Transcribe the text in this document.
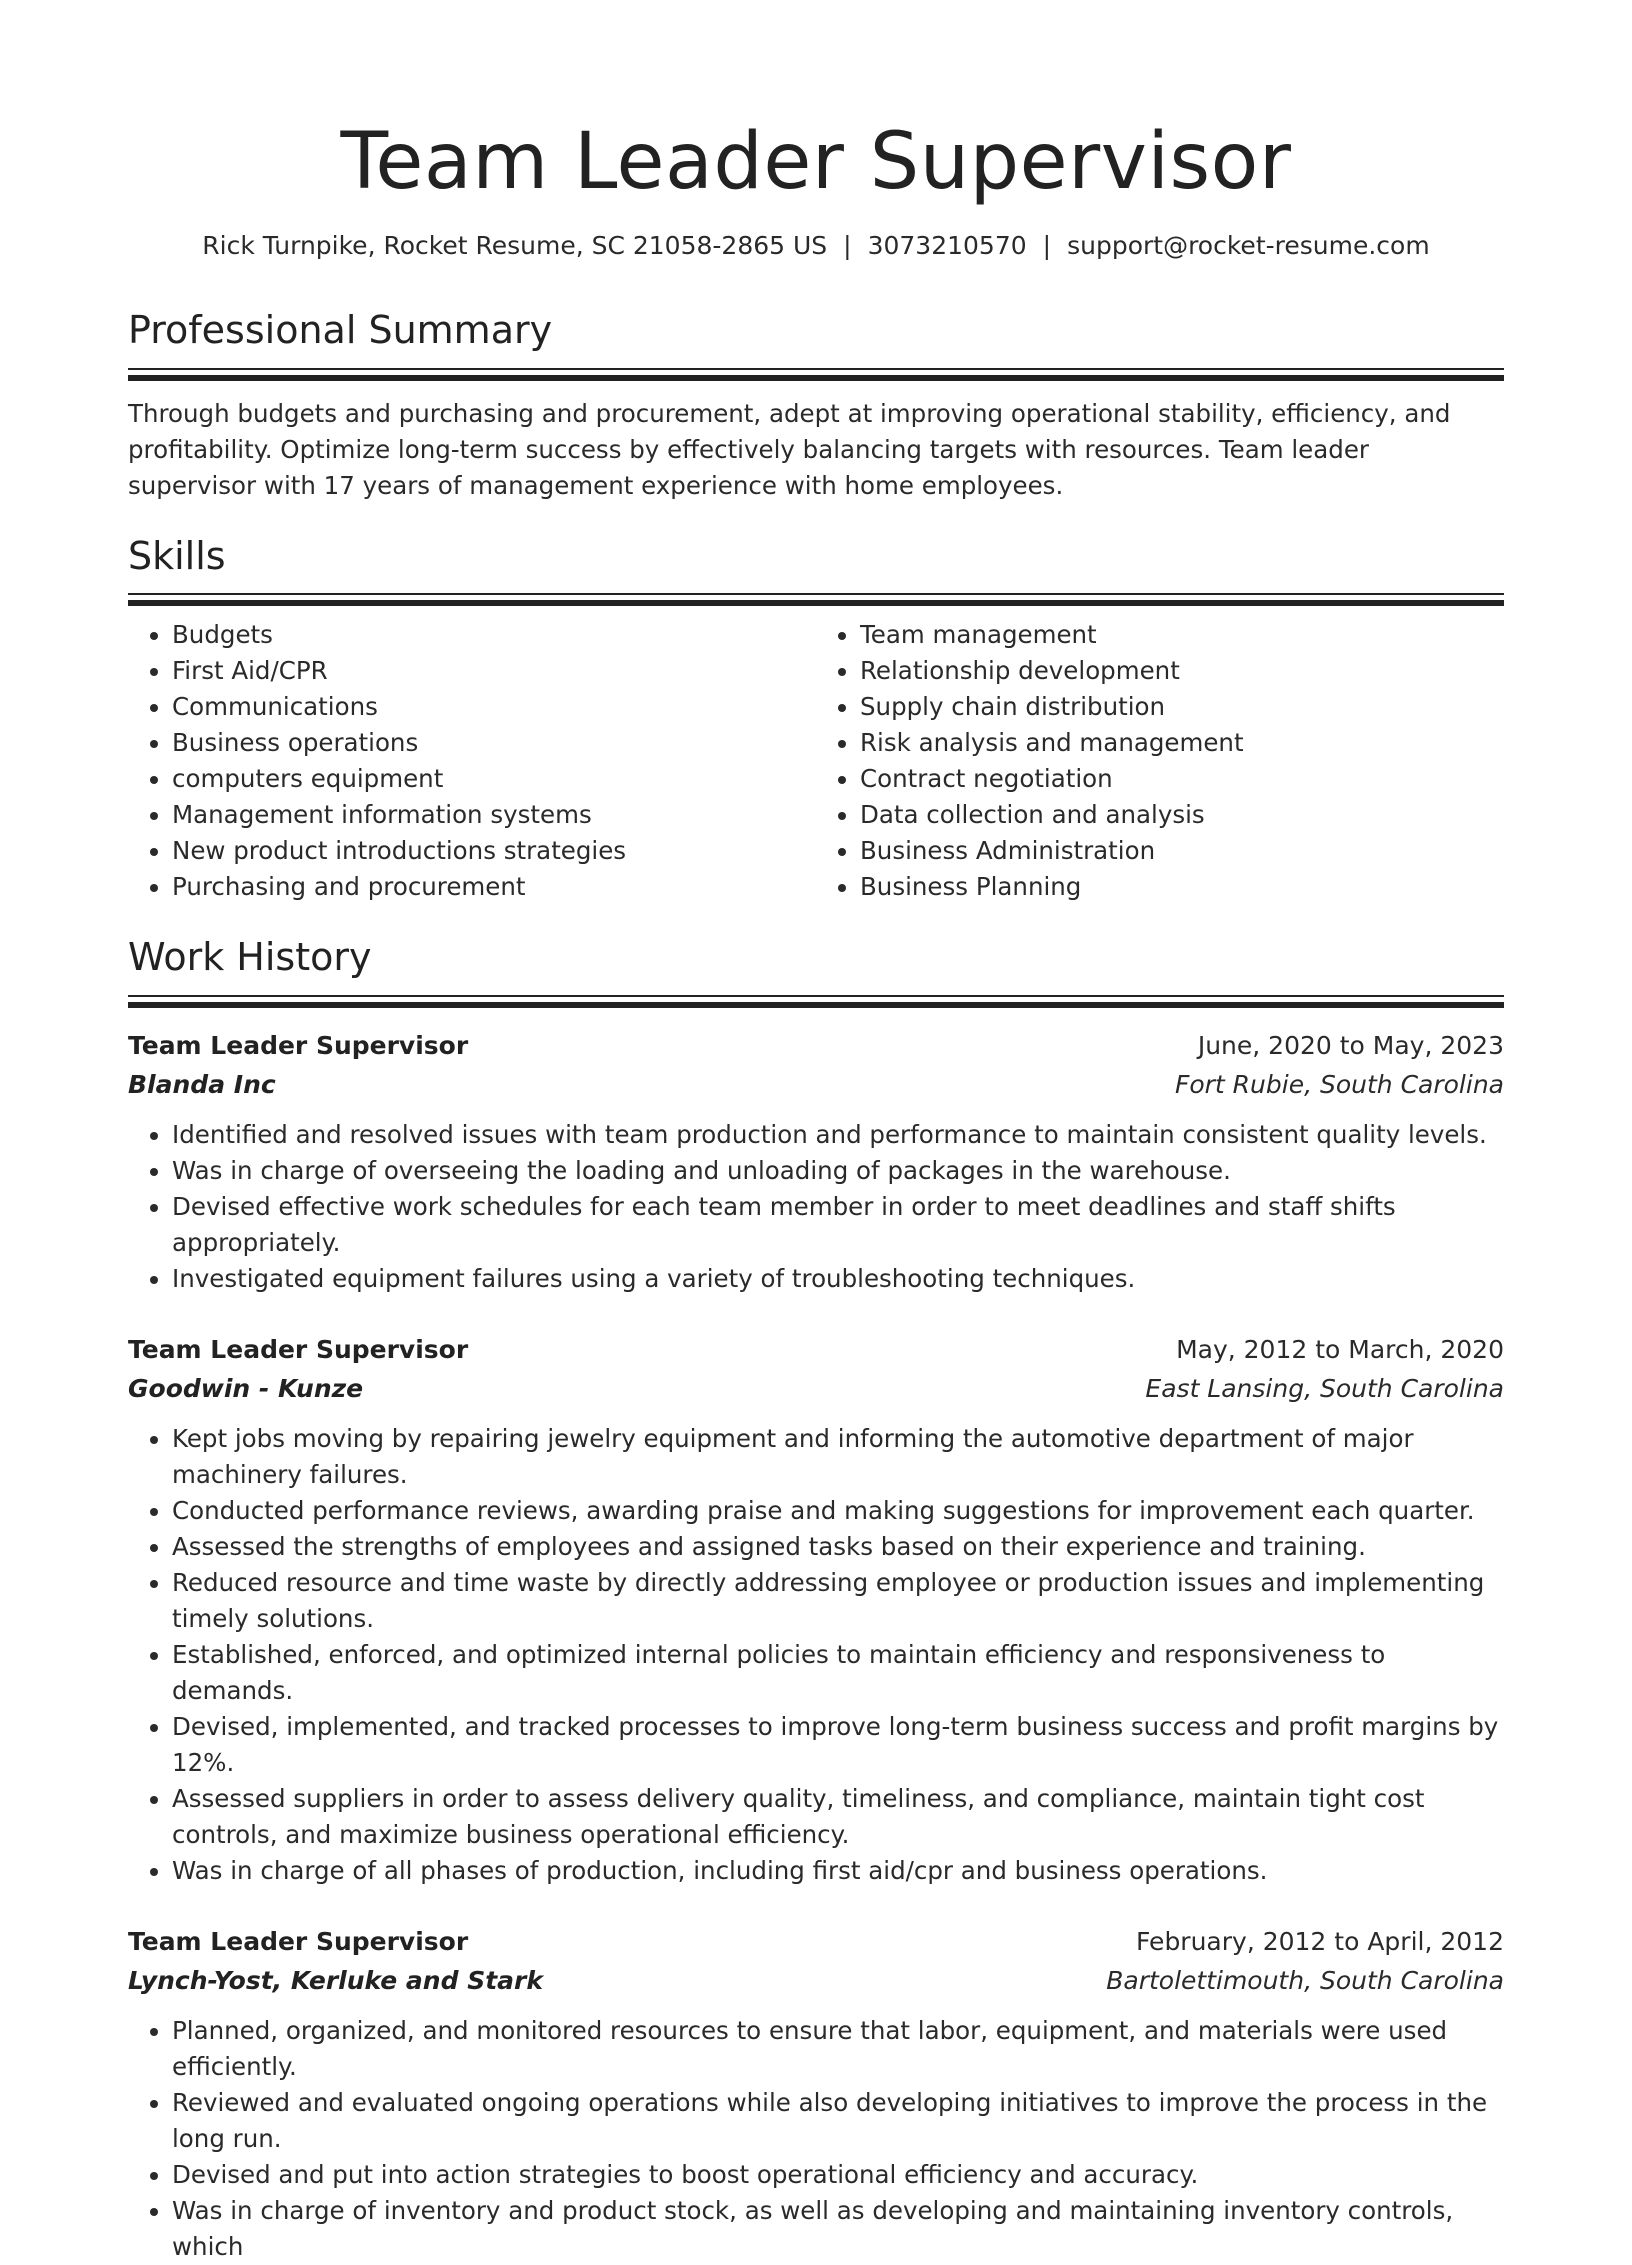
Team Leader Supervisor
Rick Turnpike, Rocket Resume, SC 21058-2865 US | 3073210570 | support@rocket-resume.com
Professional Summary

Through budgets and purchasing and procurement, adept at improving operational stability, efficiency, and profitability. Optimize long-term success by effectively balancing targets with resources. Team leader supervisor with 17 years of management experience with home employees.

Skills
• Budgets
• First Aid/CPR
• Communications
• Business operations
• computers equipment
• Management information systems
• New product introductions strategies
• Purchasing and procurement
• Team management
• Relationship development
• Supply chain distribution
• Risk analysis and management
• Contract negotiation
• Data collection and analysis
• Business Administration
• Business Planning
Work History
Team Leader Supervisor	June, 2020 to May, 2023
Blanda Inc	Fort Rubie, South Carolina
• Identified and resolved issues with team production and performance to maintain consistent quality levels.
• Was in charge of overseeing the loading and unloading of packages in the warehouse.
• Devised effective work schedules for each team member in order to meet deadlines and staff shifts appropriately.
• Investigated equipment failures using a variety of troubleshooting techniques.
Team Leader Supervisor	May, 2012 to March, 2020
Goodwin - Kunze	East Lansing, South Carolina
• Kept jobs moving by repairing jewelry equipment and informing the automotive department of major machinery failures.
• Conducted performance reviews, awarding praise and making suggestions for improvement each quarter.
• Assessed the strengths of employees and assigned tasks based on their experience and training.
• Reduced resource and time waste by directly addressing employee or production issues and implementing timely solutions.
• Established, enforced, and optimized internal policies to maintain efficiency and responsiveness to demands.
• Devised, implemented, and tracked processes to improve long-term business success and profit margins by 12%.
• Assessed suppliers in order to assess delivery quality, timeliness, and compliance, maintain tight cost controls, and maximize business operational efficiency.
• Was in charge of all phases of production, including first aid/cpr and business operations.
Team Leader Supervisor	February, 2012 to April, 2012
Lynch-Yost, Kerluke and Stark	Bartolettimouth, South Carolina
• Planned, organized, and monitored resources to ensure that labor, equipment, and materials were used efficiently.
• Reviewed and evaluated ongoing operations while also developing initiatives to improve the process in the long run.
• Devised and put into action strategies to boost operational efficiency and accuracy.
• Was in charge of inventory and product stock, as well as developing and maintaining inventory controls, which
